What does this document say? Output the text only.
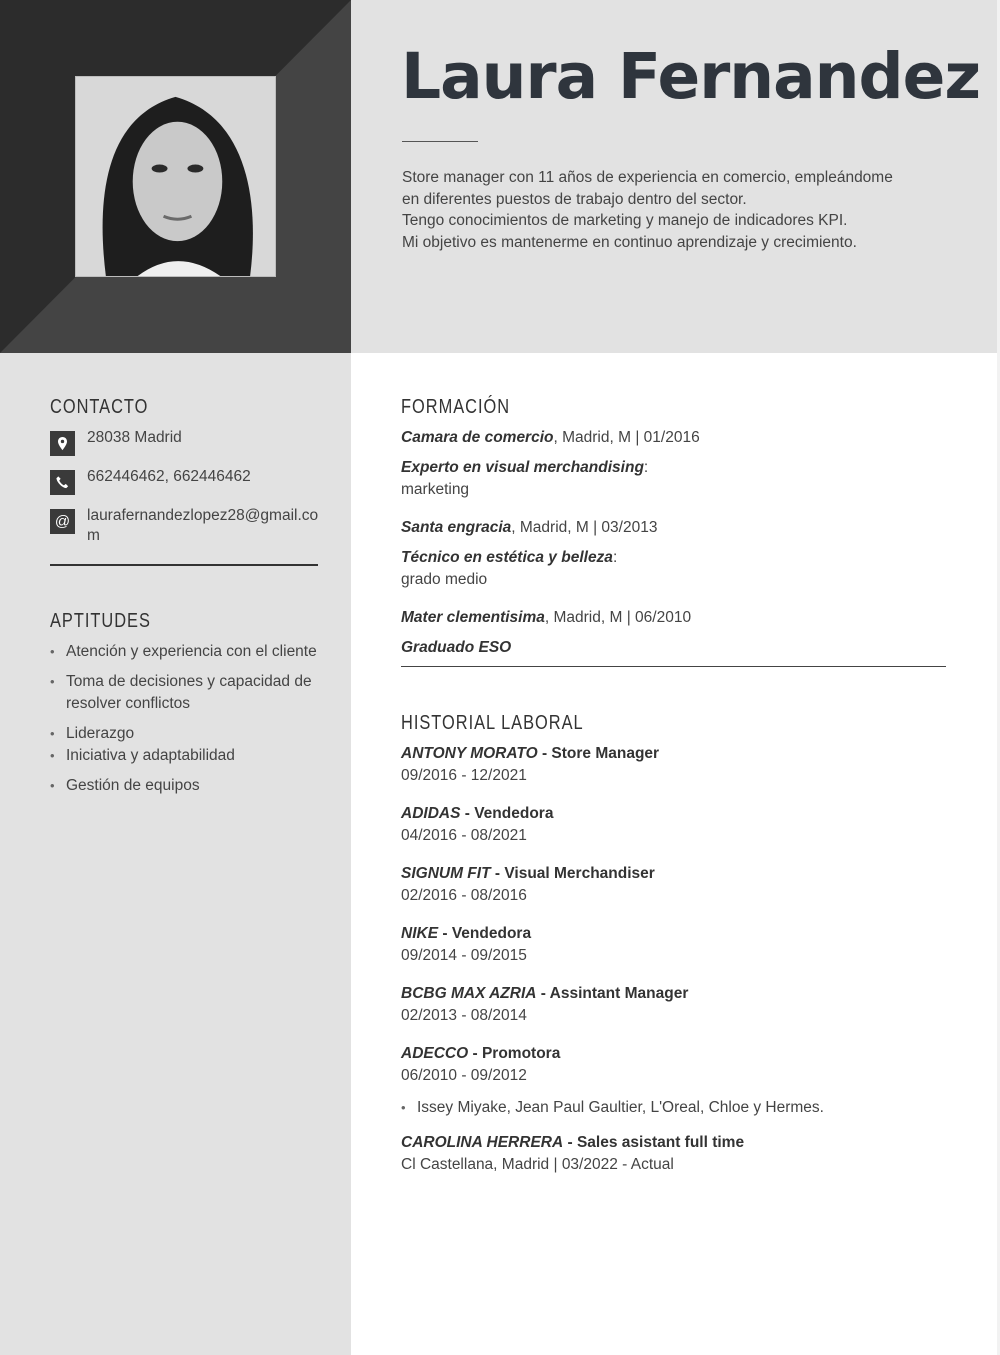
Laura Fernandez
Store manager con 11 años de experiencia en comercio, empleándome
en diferentes puestos de trabajo dentro del sector.
Tengo conocimientos de marketing y manejo de indicadores KPI.
Mi objetivo es mantenerme en continuo aprendizaje y crecimiento.
CONTACTO
28038 Madrid
662446462, 662446462
@	laurafernandezlopez28@gmail.com
APTITUDES
• Atención y experiencia con el cliente
• Toma de decisiones y capacidad de resolver conflictos
• Liderazgo
• Iniciativa y adaptabilidad
• Gestión de equipos
FORMACIÓN
Camara de comercio, Madrid, M | 01/2016
Experto en visual merchandising:
marketing
Santa engracia, Madrid, M | 03/2013
Técnico en estética y belleza:
grado medio
Mater clementisima, Madrid, M | 06/2010
Graduado ESO
HISTORIAL LABORAL
ANTONY MORATO - Store Manager
09/2016 - 12/2021
ADIDAS - Vendedora
04/2016 - 08/2021
SIGNUM FIT - Visual Merchandiser
02/2016 - 08/2016
NIKE - Vendedora
09/2014 - 09/2015
BCBG MAX AZRIA - Assintant Manager
02/2013 - 08/2014
ADECCO - Promotora
06/2010 - 09/2012
• Issey Miyake, Jean Paul Gaultier, L'Oreal, Chloe y Hermes.
CAROLINA HERRERA - Sales asistant full time
Cl Castellana, Madrid | 03/2022 - Actual
